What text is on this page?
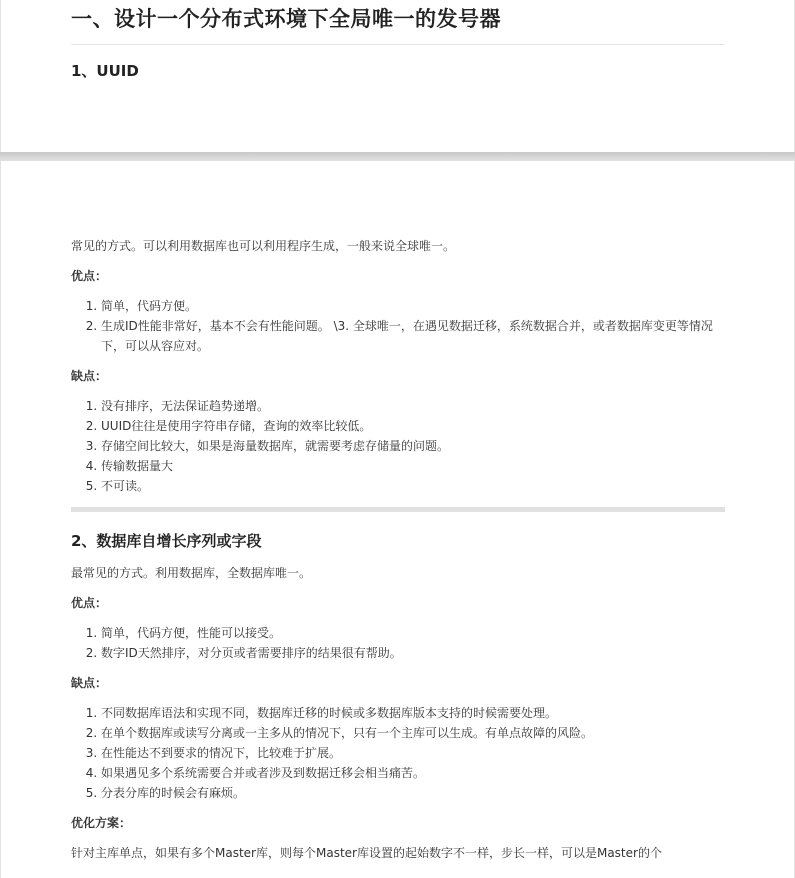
一、设计一个分布式环境下全局唯一的发号器
1、UUID

常见的方式。可以利用数据库也可以利用程序生成，一般来说全球唯一。

优点：
1. 简单，代码方便。
2. 生成ID性能非常好，基本不会有性能问题。 \3. 全球唯一，在遇见数据迁移，系统数据合并，或者数据库变更等情况下，可以从容应对。
缺点：
1. 没有排序，无法保证趋势递增。
2. UUID往往是使用字符串存储，查询的效率比较低。
3. 存储空间比较大，如果是海量数据库，就需要考虑存储量的问题。
4. 传输数据量大
5. 不可读。
2、数据库自增长序列或字段

最常见的方式。利用数据库，全数据库唯一。

优点：
1. 简单，代码方便，性能可以接受。
2. 数字ID天然排序，对分页或者需要排序的结果很有帮助。
缺点：
1. 不同数据库语法和实现不同，数据库迁移的时候或多数据库版本支持的时候需要处理。
2. 在单个数据库或读写分离或一主多从的情况下，只有一个主库可以生成。有单点故障的风险。
3. 在性能达不到要求的情况下，比较难于扩展。
4. 如果遇见多个系统需要合并或者涉及到数据迁移会相当痛苦。
5. 分表分库的时候会有麻烦。
优化方案：

针对主库单点，如果有多个Master库，则每个Master库设置的起始数字不一样，步长一样，可以是Master的个
